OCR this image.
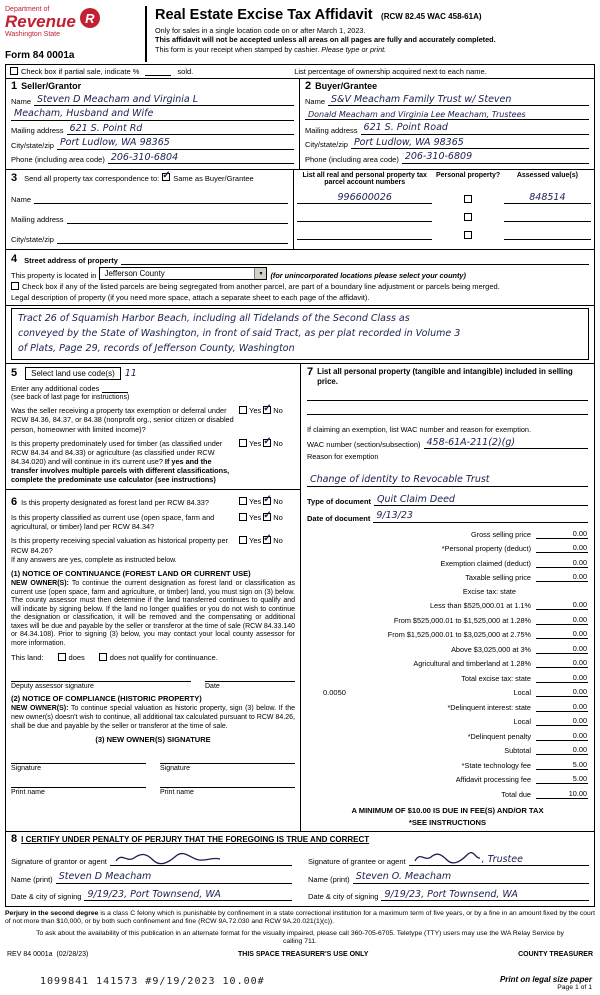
Department of
Revenue
Washington State
R
Form 84 0001a
Real Estate Excise Tax Affidavit (RCW 82.45 WAC 458-61A)
Only for sales in a single location code on or after March 1, 2023.
This affidavit will not be accepted unless all areas on all pages are fully and accurately completed.
This form is your receipt when stamped by cashier. Please type or print.
Check box if partial sale, indicate %	sold.	List percentage of ownership acquired next to each name.
1 Seller/Grantor
Name Steven D Meacham and Virginia L
Meacham, Husband and Wife
Mailing address 621 S. Point Rd
City/state/zip Port Ludlow, WA 98365
Phone (including area code) 206-310-6804
2 Buyer/Grantee
Name S&V Meacham Family Trust w/ Steven
Donald Meacham and Virginia Lee Meacham, Trustees
Mailing address 621 S. Point Road
City/state/zip Port Ludlow, WA 98365
Phone (including area code) 206-310-6809
3 Send all property tax correspondence to: ✓ Same as Buyer/Grantee
Name
Mailing address
City/state/zip
List all real and personal property tax parcel account numbers
Personal property?	Assessed value(s)
996600026	848514
4 Street address of property
This property is located in	Jefferson County	▼ (for unincorporated locations please select your county)
Check box if any of the listed parcels are being segregated from another parcel, are part of a boundary line adjustment or parcels being merged.
Legal description of property (if you need more space, attach a separate sheet to each page of the affidavit).
Tract 26 of Squamish Harbor Beach, including all Tidelands of the Second Class as
conveyed by the State of Washington, in front of said Tract, as per plat recorded in Volume 3
of Plats, Page 29, records of Jefferson County, Washington
5	Select land use code(s)	11
Enter any additional codes
(see back of last page for instructions)
Was the seller receiving a property tax exemption or deferral under RCW 84.36, 84.37, or 84.38 (nonprofit org., senior citizen or disabled person, homeowner with limited income)?
Yes ✓ No
Is this property predominately used for timber (as classified under RCW 84.34 and 84.33) or agriculture (as classified under RCW 84.34.020) and will continue in it's current use? If yes and the transfer involves multiple parcels with different classifications, complete the predominate use calculator (see instructions)
Yes ✓ No
6 Is this property designated as forest land per RCW 84.33?	Yes ✓ No
Is this property classified as current use (open space, farm and agricultural, or timber) land per RCW 84.34?
Yes ✓ No
Is this property receiving special valuation as historical property per RCW 84.26?
Yes ✓ No
If any answers are yes, complete as instructed below.
(1) NOTICE OF CONTINUANCE (FOREST LAND OR CURRENT USE)
NEW OWNER(S): To continue the current designation as forest land or classification as current use (open space, farm and agriculture, or timber) land, you must sign on (3) below. The county assessor must then determine if the land transferred continues to qualify and will indicate by signing below. If the land no longer qualifies or you do not wish to continue the designation or classification, it will be removed and the compensating or additional taxes will be due and payable by the seller or transferor at the time of sale (RCW 84.33.140 or 84.34.108). Prior to signing (3) below, you may contact your local county assessor for more information.
This land:	does	does not qualify for continuance.
Deputy assessor signature	Date
(2) NOTICE OF COMPLIANCE (HISTORIC PROPERTY)
NEW OWNER(S): To continue special valuation as historic property, sign (3) below. If the new owner(s) doesn't wish to continue, all additional tax calculated pursuant to RCW 84.26, shall be due and payable by the seller or transferor at the time of sale.
(3) NEW OWNER(S) SIGNATURE
Signature	Signature
Print name	Print name
7 List all personal property (tangible and intangible) included in selling price.
If claiming an exemption, list WAC number and reason for exemption.
WAC number (section/subsection) 458-61A-211(2)(g)
Reason for exemption
Change of identity to Revocable Trust
Type of document Quit Claim Deed
Date of document 9/13/23
Gross selling price	0.00
*Personal property (deduct)	0.00
Exemption claimed (deduct)	0.00
Taxable selling price	0.00
Excise tax: state
Less than $525,000.01 at 1.1%	0.00
From $525,000.01 to $1,525,000 at 1.28%	0.00
From $1,525,000.01 to $3,025,000 at 2.75%	0.00
Above $3,025,000 at 3%	0.00
Agricultural and timberland at 1.28%	0.00
Total excise tax: state	0.00
0.0050	Local	0.00
*Delinquent interest: state	0.00
Local	0.00
*Delinquent penalty	0.00
Subtotal	0.00
*State technology fee	5.00
Affidavit processing fee	5.00
Total due	10.00
A MINIMUM OF $10.00 IS DUE IN FEE(S) AND/OR TAX
*SEE INSTRUCTIONS
8 I CERTIFY UNDER PENALTY OF PERJURY THAT THE FOREGOING IS TRUE AND CORRECT
Signature of grantor or agent
Name (print) Steven D Meacham
Date & city of signing 9/19/23, Port Townsend, WA
Signature of grantee or agent	, Trustee
Name (print) Steven O. Meacham
Date & city of signing 9/19/23, Port Townsend, WA
Perjury in the second degree is a class C felony which is punishable by confinement in a state correctional institution for a maximum term of five years, or by a fine in an amount fixed by the court of not more than $10,000, or by both such confinement and fine (RCW 9A.72.030 and RCW 9A.20.021(1)(c)).
To ask about the availability of this publication in an alternate format for the visually impaired, please call 360-705-6705. Teletype (TTY) users may use the WA Relay Service by calling 711.
REV 84 0001a (02/28/23)	THIS SPACE TREASURER'S USE ONLY	COUNTY TREASURER
1099841 141573 #9/19/2023 10.00#	Print on legal size paper
Page 1 of 1
